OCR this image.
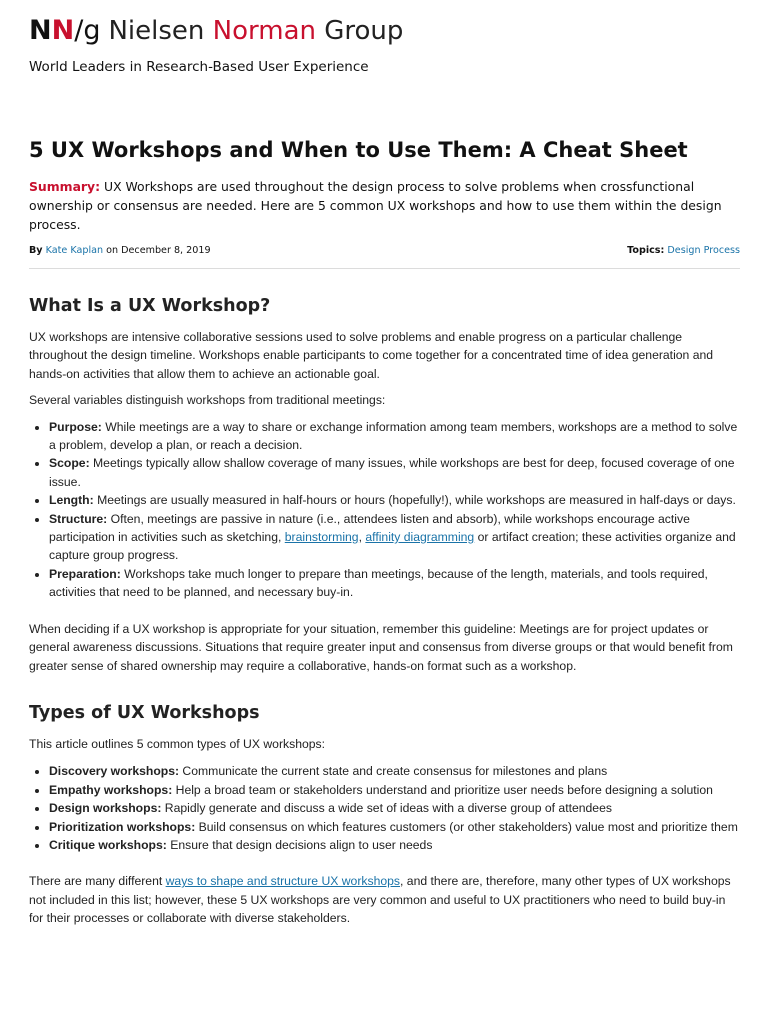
NN/g Nielsen Norman Group
World Leaders in Research-Based User Experience
5 UX Workshops and When to Use Them: A Cheat Sheet

Summary: UX Workshops are used throughout the design process to solve problems when crossfunctional ownership or consensus are needed. Here are 5 common UX workshops and how to use them within the design process.

By Kate Kaplan on December 8, 2019	Topics: Design Process
What Is a UX Workshop?

UX workshops are intensive collaborative sessions used to solve problems and enable progress on a particular challenge throughout the design timeline. Workshops enable participants to come together for a concentrated time of idea generation and hands-on activities that allow them to achieve an actionable goal.

Several variables distinguish workshops from traditional meetings:

• Purpose: While meetings are a way to share or exchange information among team members, workshops are a method to solve a problem, develop a plan, or reach a decision.
• Scope: Meetings typically allow shallow coverage of many issues, while workshops are best for deep, focused coverage of one issue.
• Length: Meetings are usually measured in half-hours or hours (hopefully!), while workshops are measured in half-days or days.
• Structure: Often, meetings are passive in nature (i.e., attendees listen and absorb), while workshops encourage active participation in activities such as sketching, brainstorming, affinity diagramming or artifact creation; these activities organize and capture group progress.
• Preparation: Workshops take much longer to prepare than meetings, because of the length, materials, and tools required, activities that need to be planned, and necessary buy-in.

When deciding if a UX workshop is appropriate for your situation, remember this guideline: Meetings are for project updates or general awareness discussions. Situations that require greater input and consensus from diverse groups or that would benefit from greater sense of shared ownership may require a collaborative, hands-on format such as a workshop.

Types of UX Workshops

This article outlines 5 common types of UX workshops:

• Discovery workshops: Communicate the current state and create consensus for milestones and plans
• Empathy workshops: Help a broad team or stakeholders understand and prioritize user needs before designing a solution
• Design workshops: Rapidly generate and discuss a wide set of ideas with a diverse group of attendees
• Prioritization workshops: Build consensus on which features customers (or other stakeholders) value most and prioritize them
• Critique workshops: Ensure that design decisions align to user needs

There are many different ways to shape and structure UX workshops, and there are, therefore, many other types of UX workshops not included in this list; however, these 5 UX workshops are very common and useful to UX practitioners who need to build buy-in for their processes or collaborate with diverse stakeholders.
